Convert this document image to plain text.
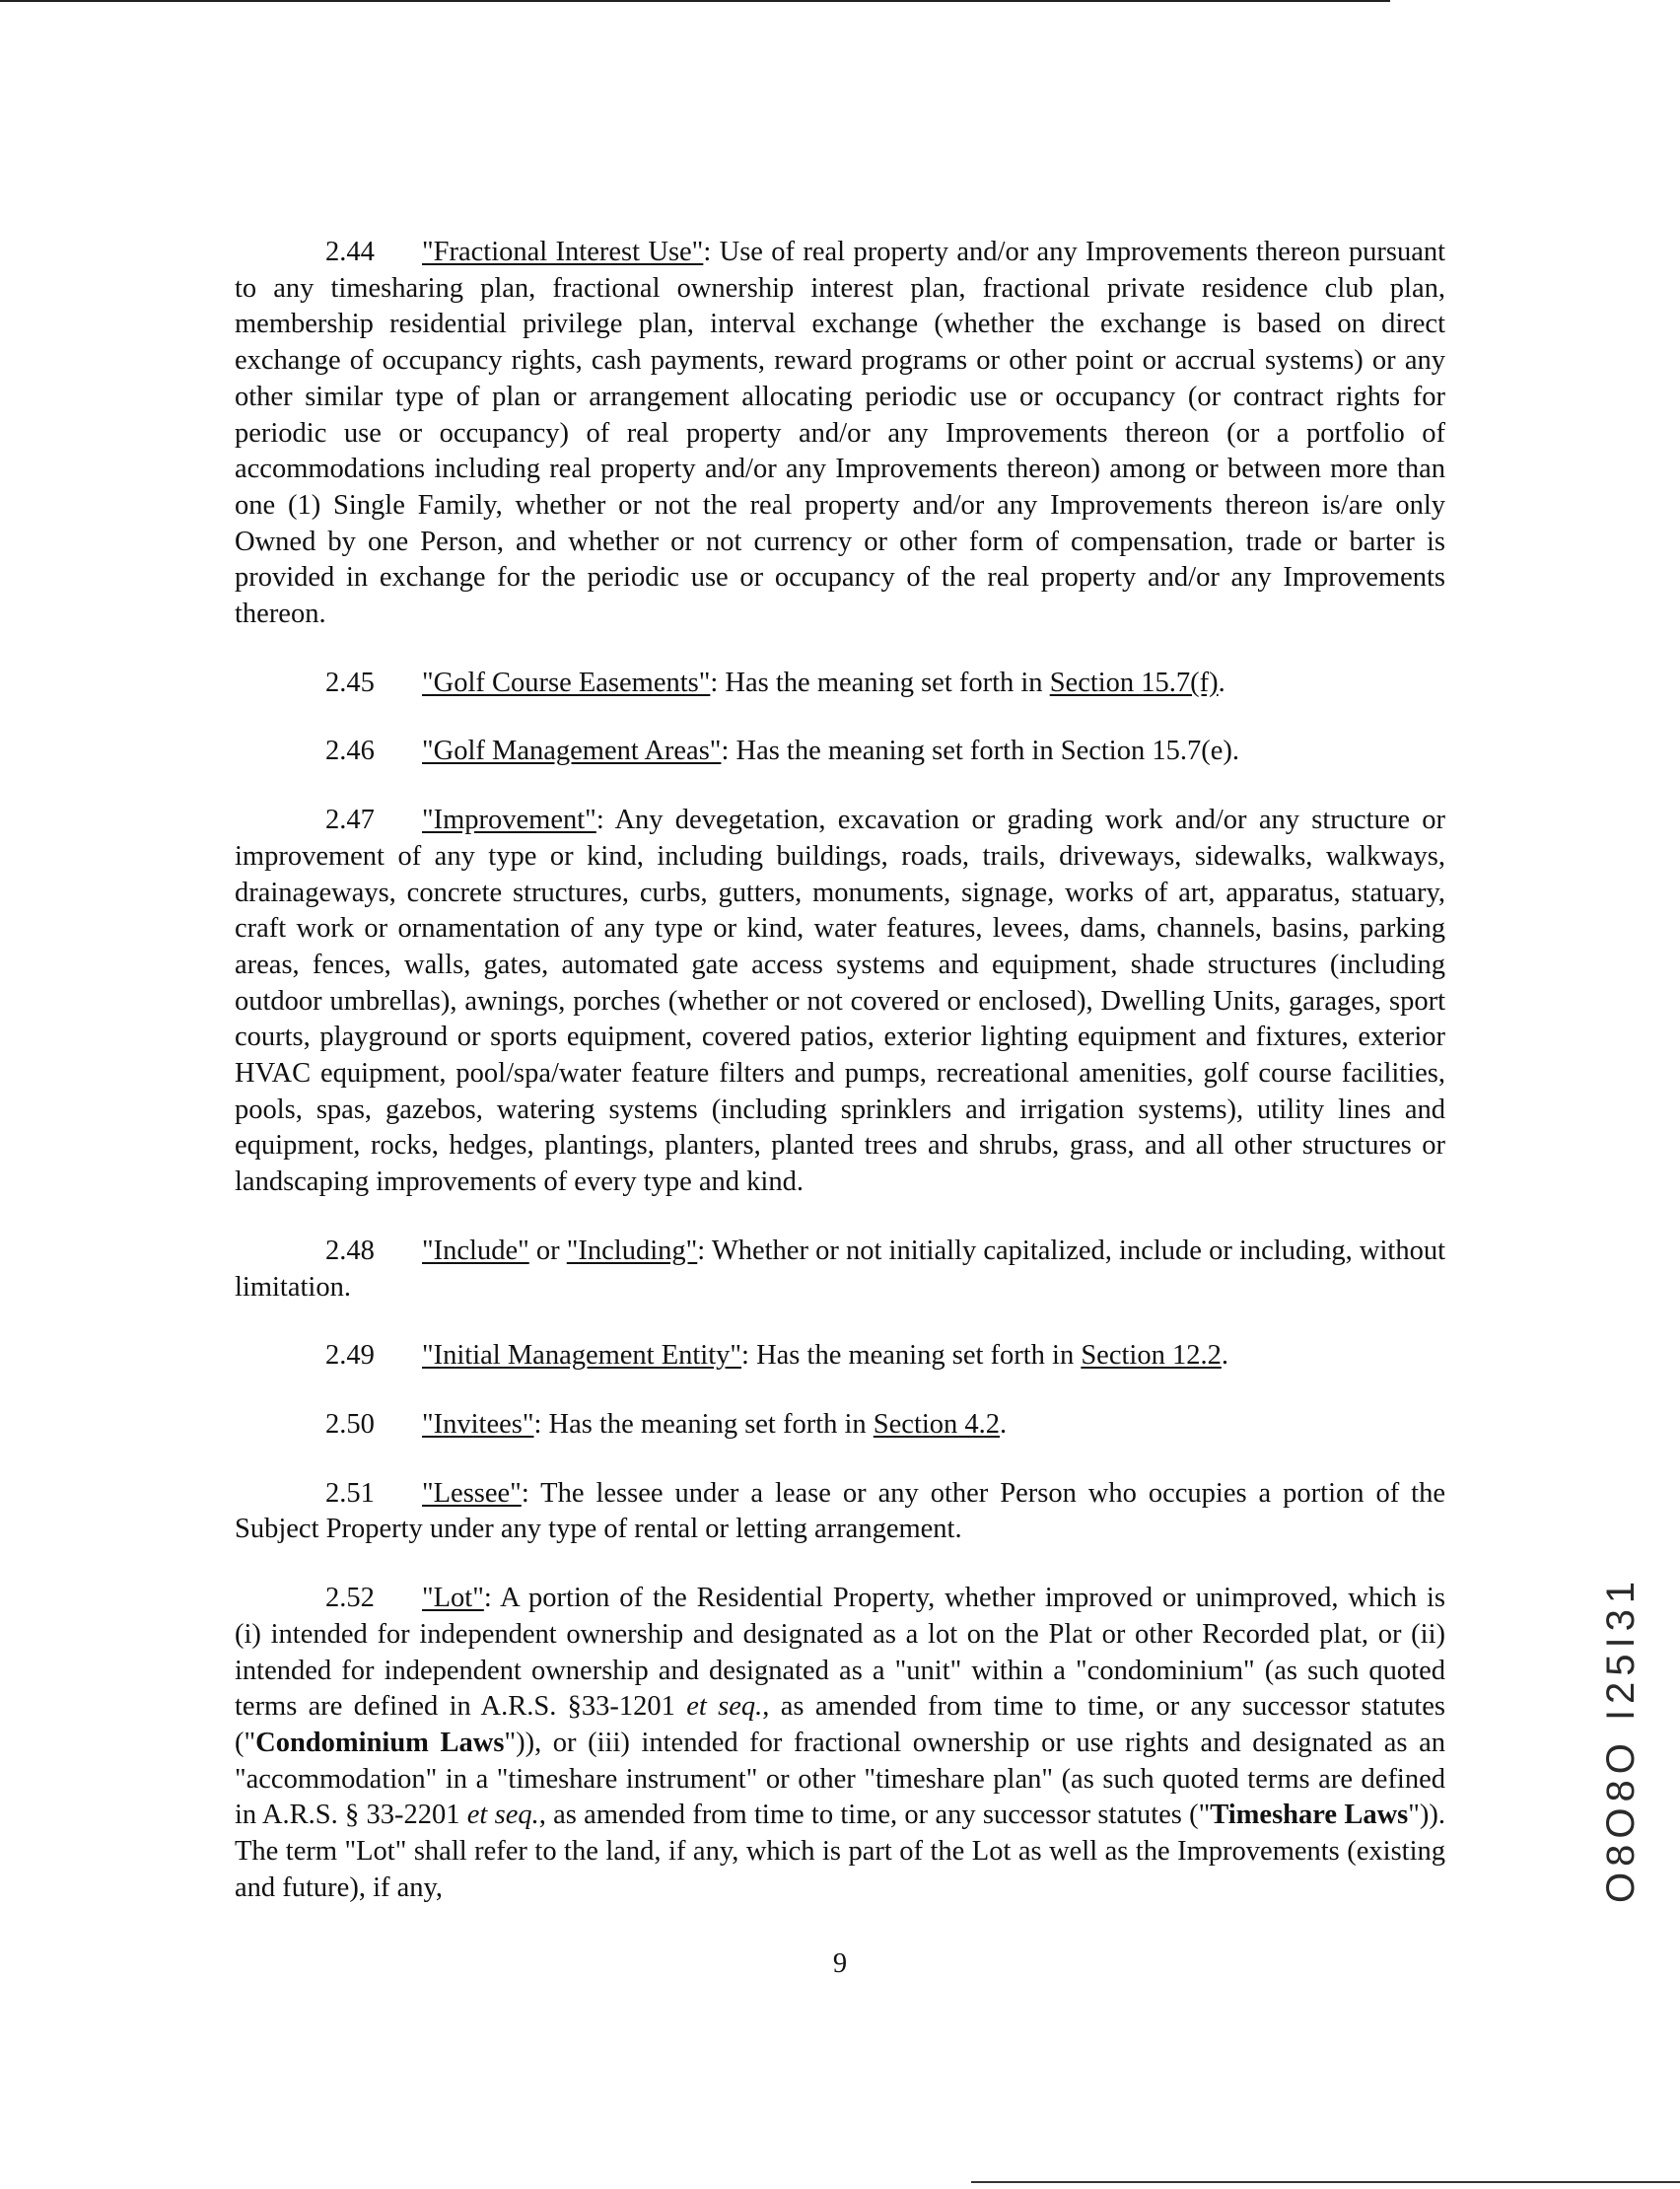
2.44 "Fractional Interest Use": Use of real property and/or any Improvements thereon pursuant to any timesharing plan, fractional ownership interest plan, fractional private residence club plan, membership residential privilege plan, interval exchange (whether the exchange is based on direct exchange of occupancy rights, cash payments, reward programs or other point or accrual systems) or any other similar type of plan or arrangement allocating periodic use or occupancy (or contract rights for periodic use or occupancy) of real property and/or any Improvements thereon (or a portfolio of accommodations including real property and/or any Improvements thereon) among or between more than one (1) Single Family, whether or not the real property and/or any Improvements thereon is/are only Owned by one Person, and whether or not currency or other form of compensation, trade or barter is provided in exchange for the periodic use or occupancy of the real property and/or any Improvements thereon.

2.45 "Golf Course Easements": Has the meaning set forth in Section 15.7(f).

2.46 "Golf Management Areas": Has the meaning set forth in Section 15.7(e).

2.47 "Improvement": Any devegetation, excavation or grading work and/or any structure or improvement of any type or kind, including buildings, roads, trails, driveways, sidewalks, walkways, drainageways, concrete structures, curbs, gutters, monuments, signage, works of art, apparatus, statuary, craft work or ornamentation of any type or kind, water features, levees, dams, channels, basins, parking areas, fences, walls, gates, automated gate access systems and equipment, shade structures (including outdoor umbrellas), awnings, porches (whether or not covered or enclosed), Dwelling Units, garages, sport courts, playground or sports equipment, covered patios, exterior lighting equipment and fixtures, exterior HVAC equipment, pool/spa/water feature filters and pumps, recreational amenities, golf course facilities, pools, spas, gazebos, watering systems (including sprinklers and irrigation systems), utility lines and equipment, rocks, hedges, plantings, planters, planted trees and shrubs, grass, and all other structures or landscaping improvements of every type and kind.

2.48 "Include" or "Including": Whether or not initially capitalized, include or including, without limitation.

2.49 "Initial Management Entity": Has the meaning set forth in Section 12.2.

2.50 "Invitees": Has the meaning set forth in Section 4.2.

2.51 "Lessee": The lessee under a lease or any other Person who occupies a portion of the Subject Property under any type of rental or letting arrangement.

2.52 "Lot": A portion of the Residential Property, whether improved or unimproved, which is (i) intended for independent ownership and designated as a lot on the Plat or other Recorded plat, or (ii) intended for independent ownership and designated as a "unit" within a "condominium" (as such quoted terms are defined in A.R.S. §33-1201 et seq., as amended from time to time, or any successor statutes ("Condominium Laws")), or (iii) intended for fractional ownership or use rights and designated as an "accommodation" in a "timeshare instrument" or other "timeshare plan" (as such quoted terms are defined in A.R.S. § 33-2201 et seq., as amended from time to time, or any successor statutes ("Timeshare Laws")). The term "Lot" shall refer to the land, if any, which is part of the Lot as well as the Improvements (existing and future), if any,

9
O8O8O I25I31
